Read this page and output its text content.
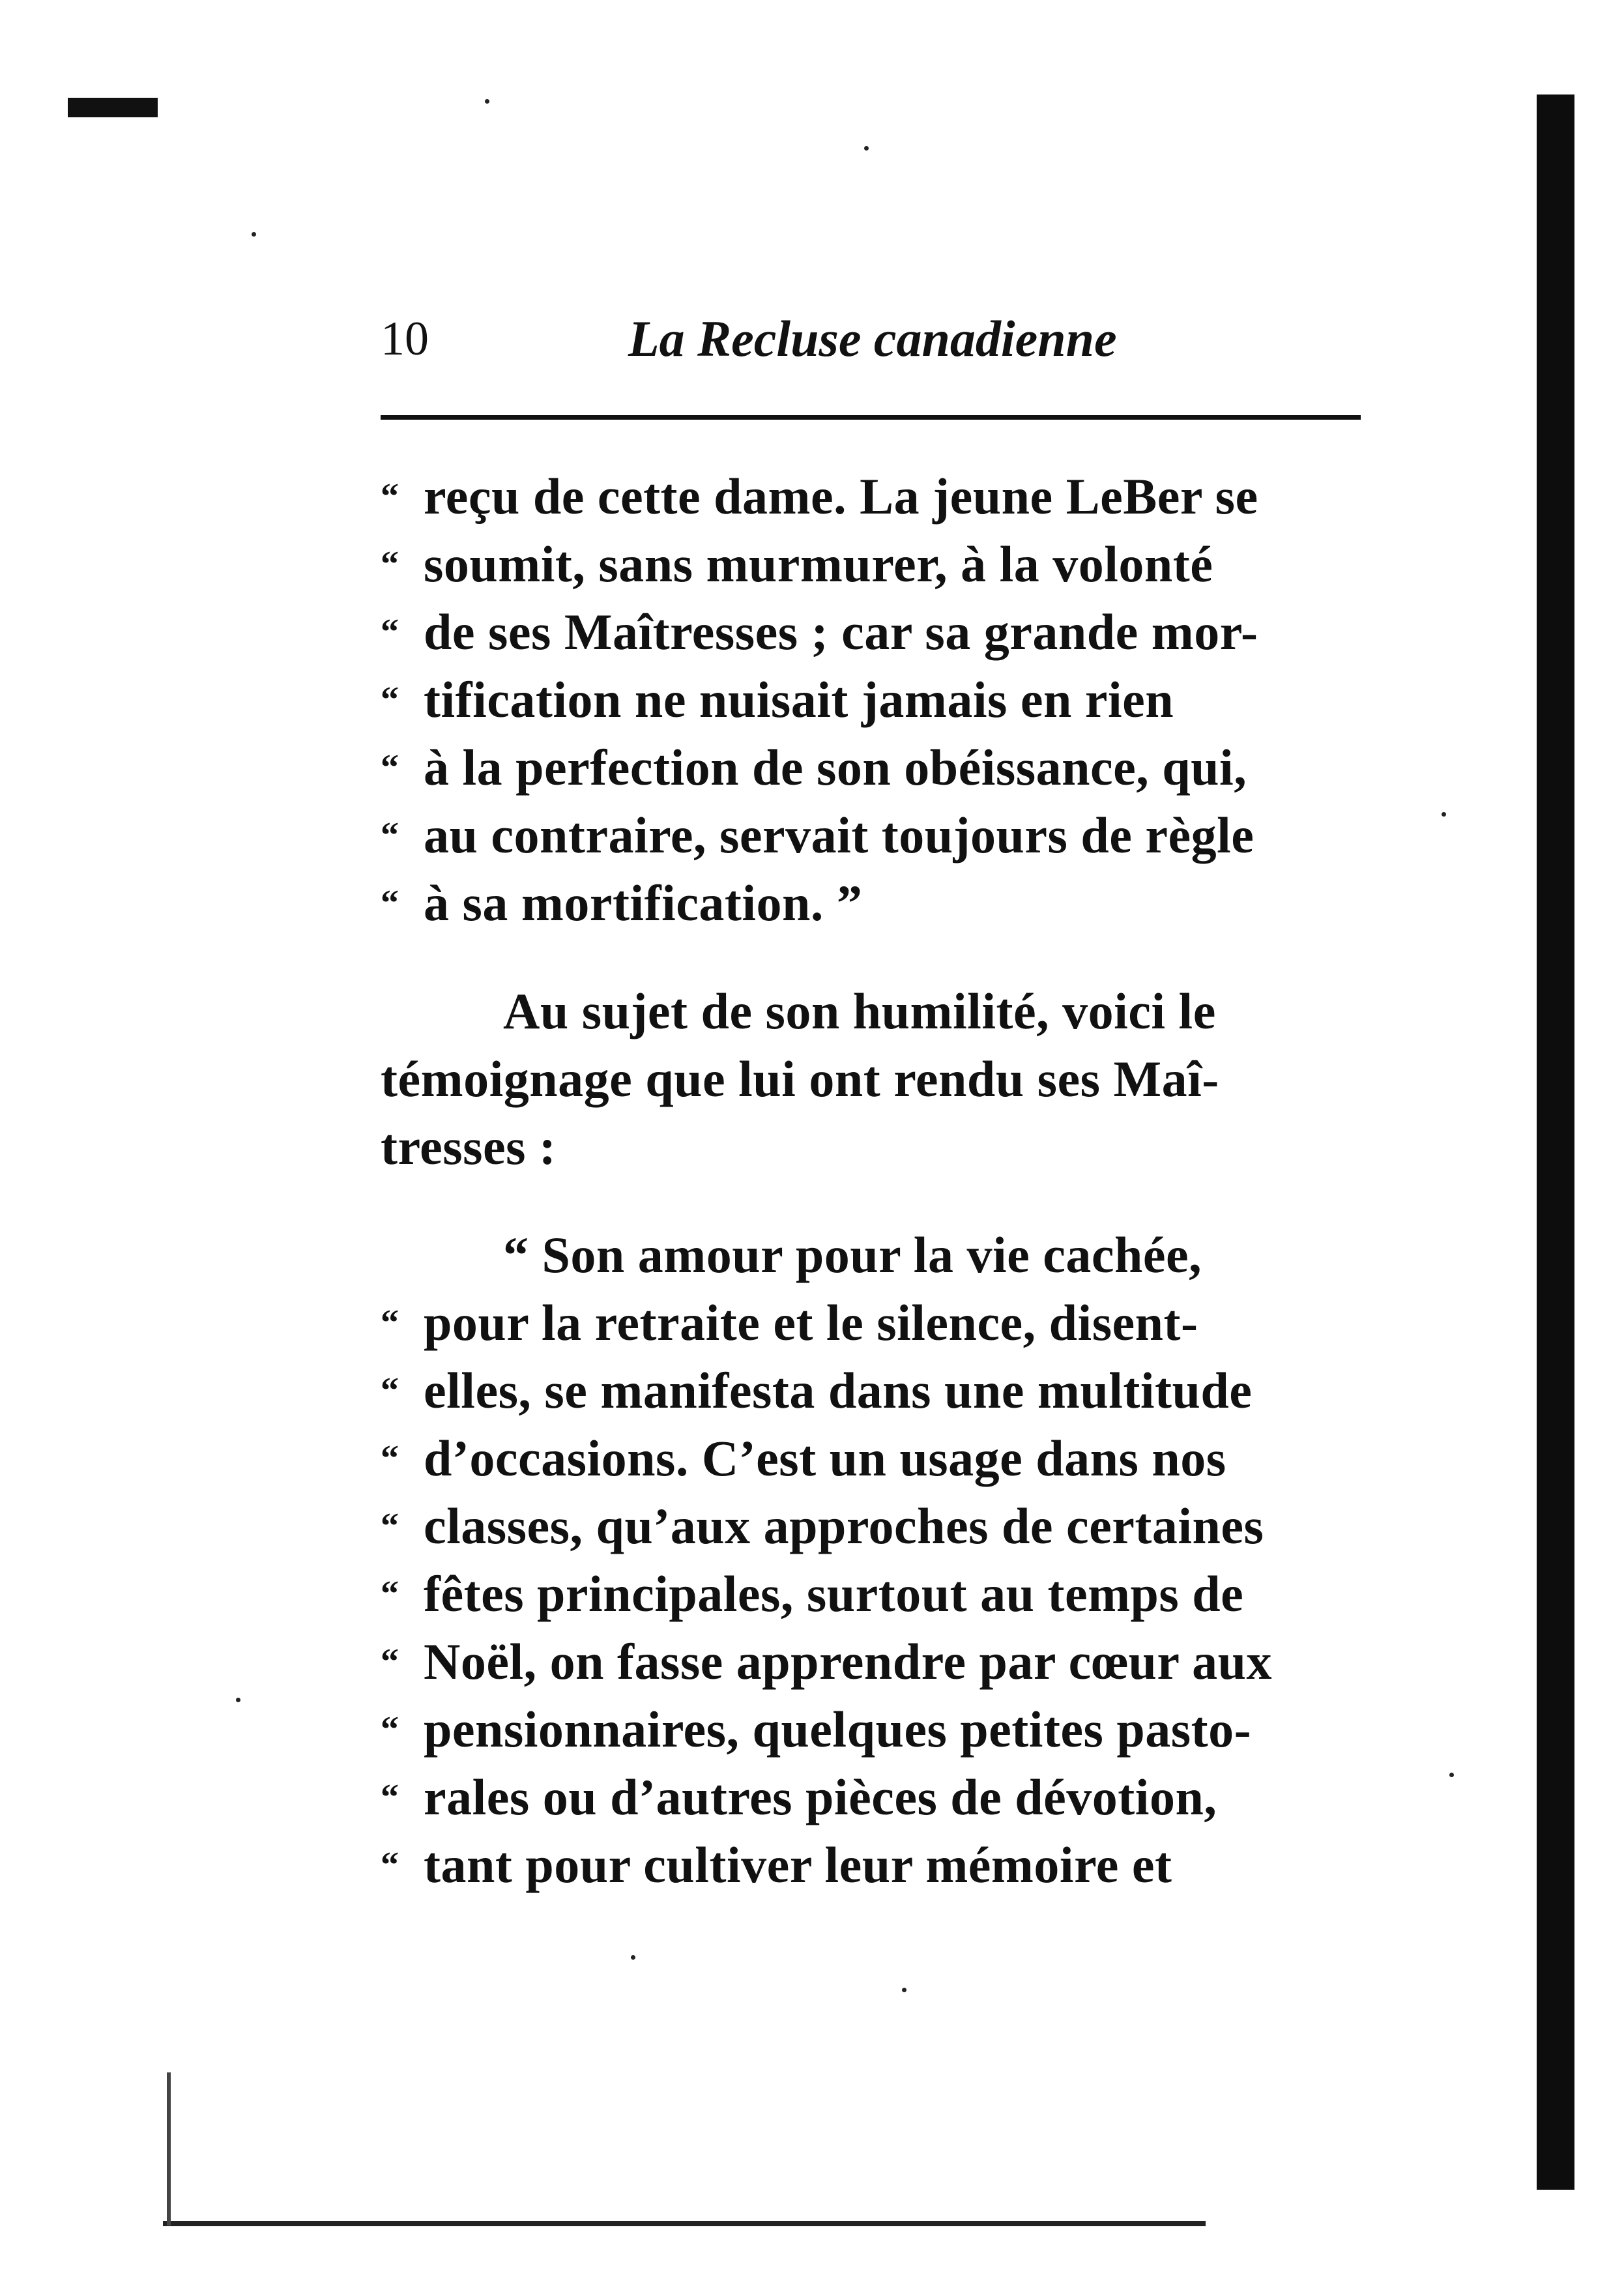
10	La Recluse canadienne
“ reçu de cette dame. La jeune LeBer se
“ soumit, sans murmurer, à la volonté
“ de ses Maîtresses ; car sa grande mor-
“ tification ne nuisait jamais en rien
“ à la perfection de son obéissance, qui,
“ au contraire, servait toujours de règle
“ à sa mortification. ”
Au sujet de son humilité, voici le
témoignage que lui ont rendu ses Maî-
tresses :
“ Son amour pour la vie cachée,
“ pour la retraite et le silence, disent-
“ elles, se manifesta dans une multitude
“ d’occasions. C’est un usage dans nos
“ classes, qu’aux approches de certaines
“ fêtes principales, surtout au temps de
“ Noël, on fasse apprendre par cœur aux
“ pensionnaires, quelques petites pasto-
“ rales ou d’autres pièces de dévotion,
“ tant pour cultiver leur mémoire et
